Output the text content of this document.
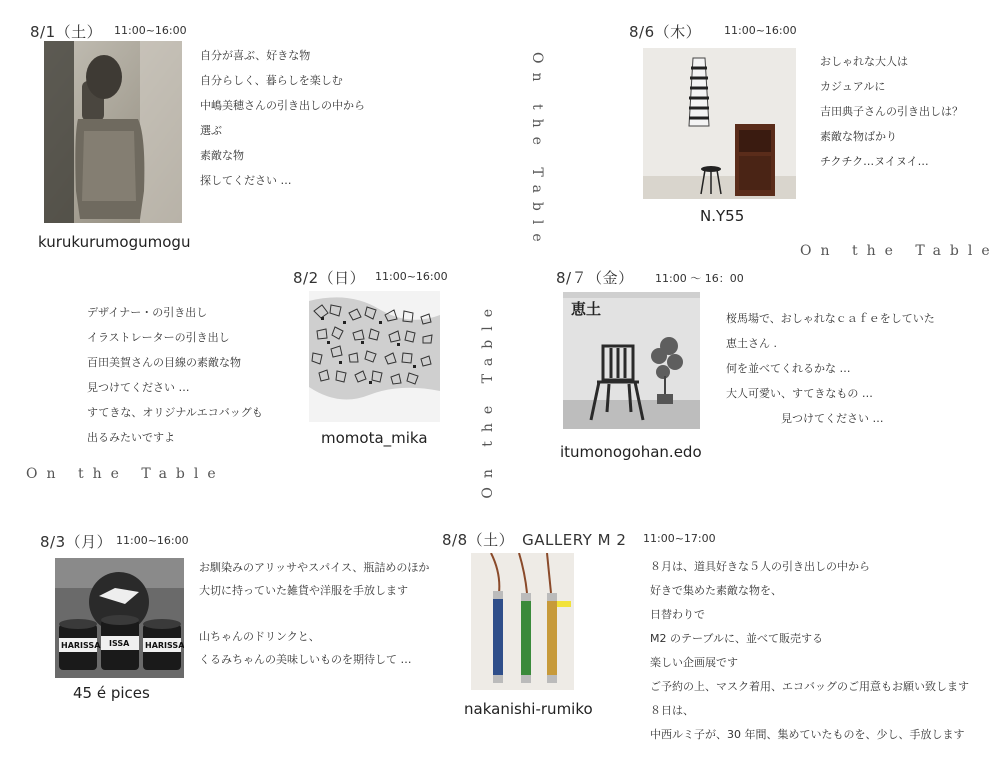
8/1（土） 11:00~16:00
自分が喜ぶ、好きな物
自分らしく、暮らしを楽しむ
中嶋美穂さんの引き出しの中から
選ぶ
素敵な物
探してください …
kurukurumogumogu	On the Table
8/6（木） 11:00~16:00
おしゃれな大人は
カジュアルに
吉田典子さんの引き出しは？
素敵な物ばかり
チクチク…ヌイヌイ…
N.Y55
On the Table
8/2（日） 11:00~16:00
デザイナー・の引き出し
イラストレーターの引き出し
百田美賀さんの目線の素敵な物
見つけてください …
すてきな、オリジナルエコバッグも
出るみたいですよ	momota_mika	On the Table
On the Table
8/７（金） 11:00 ～ 16：00
恵土
桜馬場で、おしゃれなｃａｆｅをしていた
恵土さん .
何を並べてくれるかな …
大人可愛い、すてきなもの …
　　　　　見つけてください …
itumonogohan.edo
8/3（月） 11:00~16:00
HARISSA ISSA HARISSA
お馴染みのアリッサやスパイス、瓶詰めのほか
大切に持っていた雑貨や洋服を手放します

山ちゃんのドリンクと、
くるみちゃんの美味しいものを期待して …
45 é pices
8/8（土）　GALLERY M 2 11:00~17:00
８月は、道具好きな５人の引き出しの中から
好きで集めた素敵な物を、
日替わりで
M2 のテーブルに、並べて販売する
楽しい企画展です
ご予約の上、マスク着用、エコバッグのご用意もお願い致します
８日は、
中西ルミ子が、30 年間、集めていたものを、少し、手放します
nakanishi-rumiko
